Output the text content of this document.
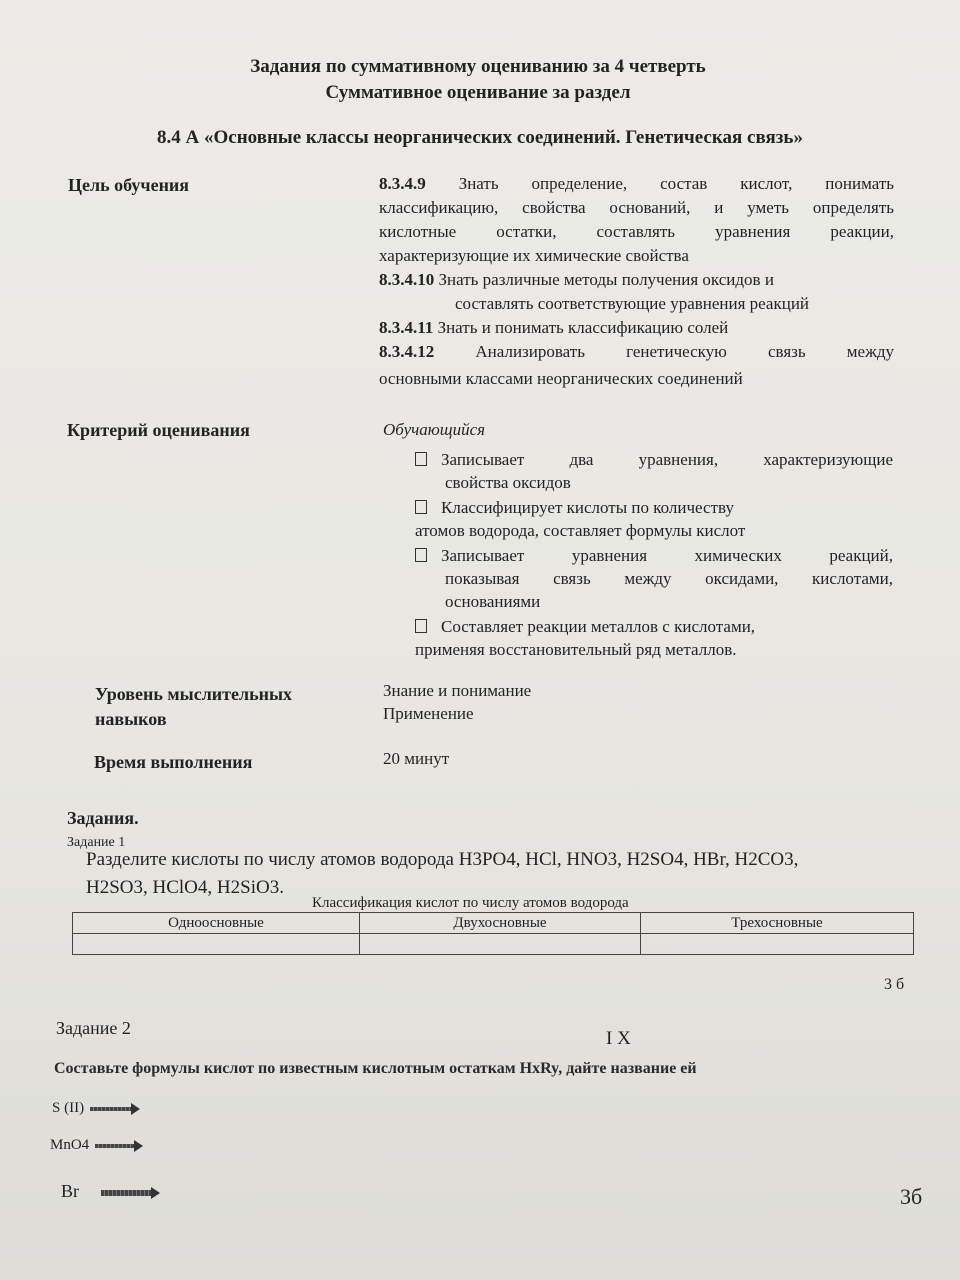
Задания по суммативному оцениванию за 4 четверть
Суммативное оценивание за раздел
8.4 А «Основные классы неорганических соединений. Генетическая связь»
Цель обучения	8.3.4.9 Знать определение, состав кислот, понимать
классификацию, свойства оснований, и уметь определять
кислотные остатки, составлять уравнения реакции,
характеризующие их химические свойства
8.3.4.10 Знать различные методы получения оксидов и
составлять соответствующие уравнения реакций
8.3.4.11 Знать и понимать классификацию солей
8.3.4.12 Анализировать генетическую связь между
основными классами неорганических соединений
Критерий оценивания	Обучающийся
Записывает два уравнения, характеризующие
свойства оксидов
Классифицирует кислоты по количеству
атомов водорода, составляет формулы кислот
Записывает уравнения химических реакций,
показывая связь между оксидами, кислотами,
основаниями
Составляет реакции металлов с кислотами,
применяя восстановительный ряд металлов.
Уровень мыслительных
навыков
Знание и понимание
Применение
Время выполнения	20 минут
Задания.
Задание 1
Разделите кислоты по числу атомов водорода H3PO4, HCl, HNO3, H2SO4, HBr, H2CO3,
H2SO3, HClO4, H2SiO3.
Классификация кислот по числу атомов водорода
Одноосновные	Двухосновные	Трехосновные

3 б
Задание 2	I X
Составьте формулы кислот по известным кислотным остаткам HxRy, дайте название ей
S (II)
MnO4
Br	3б
